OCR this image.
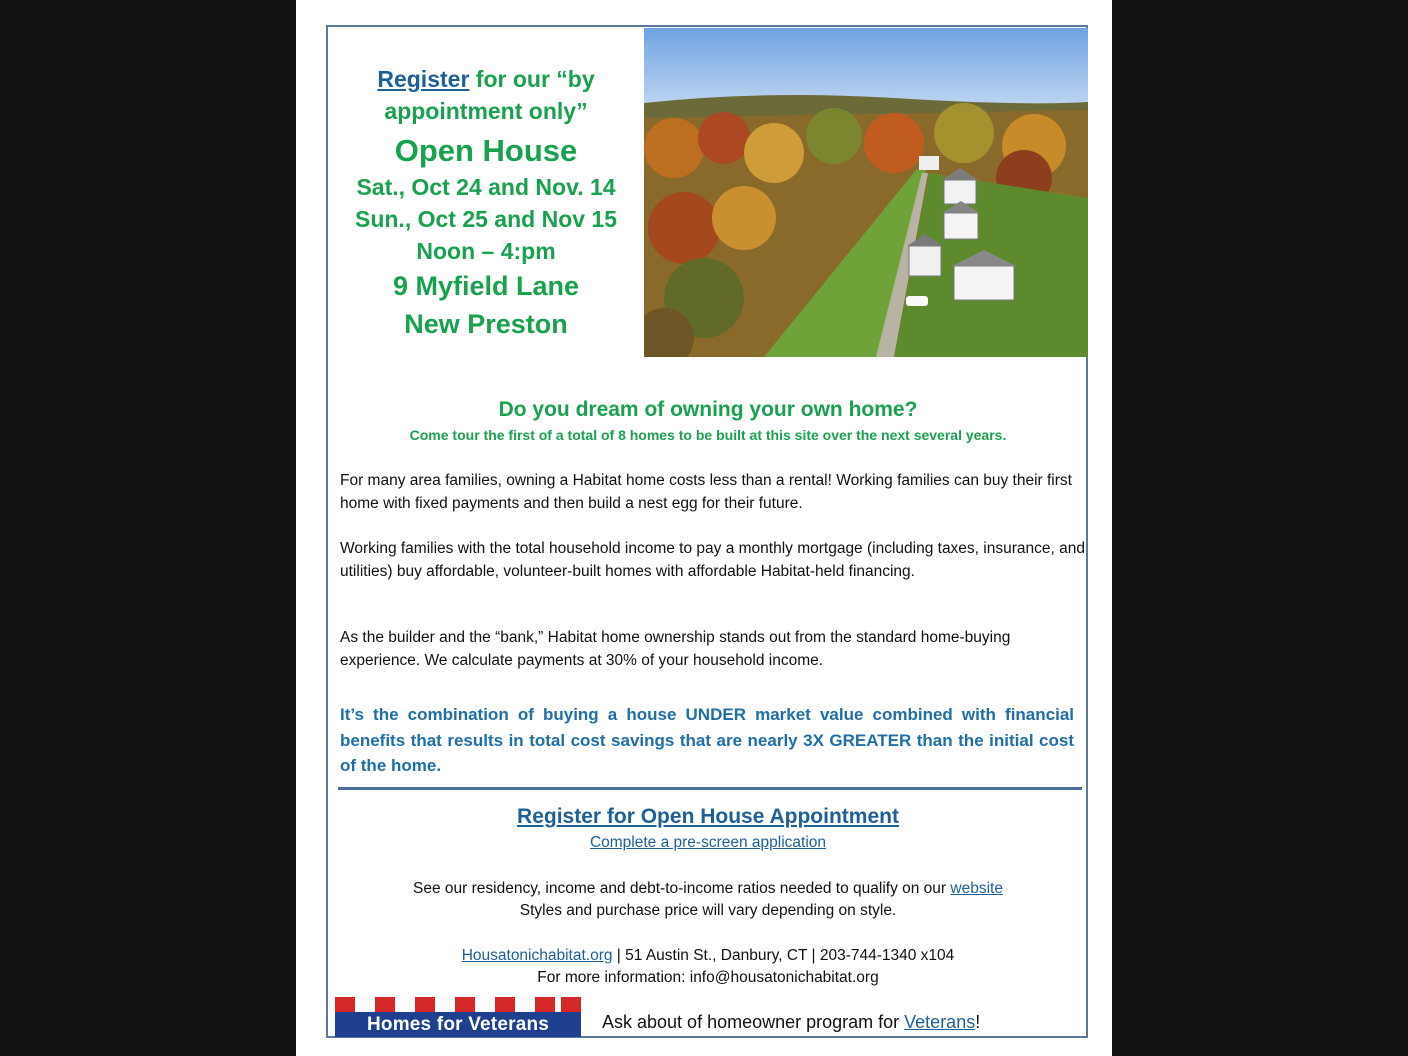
Register for our “by
appointment only”
Open House
Sat., Oct 24 and Nov. 14
Sun., Oct 25 and Nov 15
Noon – 4:pm
9 Myfield Lane
New Preston
Do you dream of owning your own home?
Come tour the first of a total of 8 homes to be built at this site over the next several years.
For many area families, owning a Habitat home costs less than a rental! Working families can buy their first home with fixed payments and then build a nest egg for their future.
Working families with the total household income to pay a monthly mortgage (including taxes, insurance, and utilities) buy affordable, volunteer-built homes with affordable Habitat-held financing.
As the builder and the “bank,” Habitat home ownership stands out from the standard home-buying experience. We calculate payments at 30% of your household income.
It’s the combination of buying a house UNDER market value combined with financial benefits that results in total cost savings that are nearly 3X GREATER than the initial cost of the home.
Register for Open House Appointment
Complete a pre-screen application
See our residency, income and debt-to-income ratios needed to qualify on our website
Styles and purchase price will vary depending on style.
Housatonichabitat.org | 51 Austin St., Danbury, CT | 203-744-1340 x104
For more information: info@housatonichabitat.org
Homes for Veterans	Ask about of homeowner program for Veterans!
